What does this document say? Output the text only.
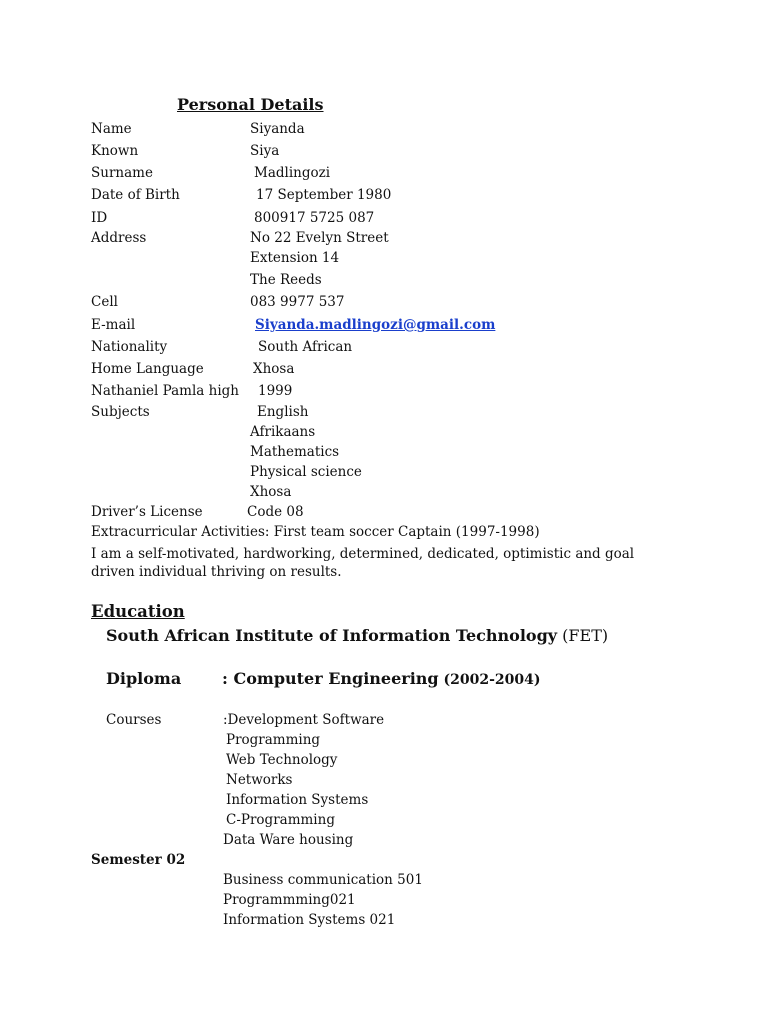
Personal Details
Name	Siyanda
Known	Siya
Surname	Madlingozi
Date of Birth	17 September 1980
ID	800917 5725 087
Address	No 22 Evelyn Street
Extension 14
The Reeds
Cell	083 9977 537
E-mail	Siyanda.madlingozi@gmail.com
Nationality	South African
Home Language	Xhosa
Nathaniel Pamla high 1999
Subjects	English
Afrikaans
Mathematics
Physical science
Xhosa
Driver’s License	Code 08
Extracurricular Activities: First team soccer Captain (1997-1998)
I am a self-motivated, hardworking, determined, dedicated, optimistic and goal driven individual thriving on results.
Education
South African Institute of Information Technology (FET)
Diploma	: Computer Engineering (2002-2004)
Courses	:Development Software
Programming
Web Technology
Networks
Information Systems
C-Programming
Data Ware housing
Semester 02
Business communication 501
Programmming021
Information Systems 021
